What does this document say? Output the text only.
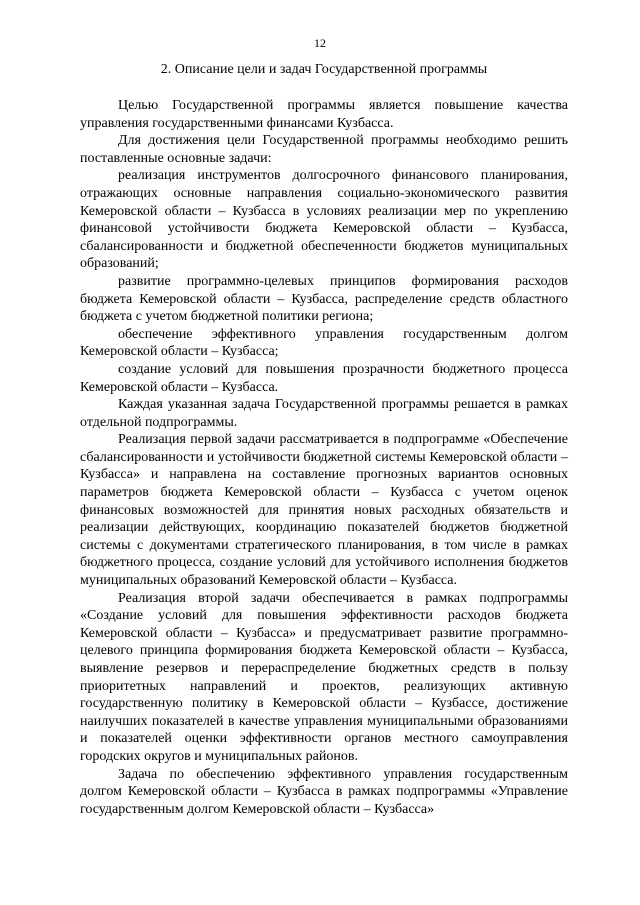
12
2. Описание цели и задач Государственной программы

Целью Государственной программы является повышение качества управления государственными финансами Кузбасса.

Для достижения цели Государственной программы необходимо решить поставленные основные задачи:

реализация инструментов долгосрочного финансового планирования, отражающих основные направления социально-экономического развития Кемеровской области – Кузбасса в условиях реализации мер по укреплению финансовой устойчивости бюджета Кемеровской области – Кузбасса, сбалансированности и бюджетной обеспеченности бюджетов муниципальных образований;

развитие программно-целевых принципов формирования расходов бюджета Кемеровской области – Кузбасса, распределение средств областного бюджета с учетом бюджетной политики региона;

обеспечение эффективного управления государственным долгом Кемеровской области – Кузбасса;

создание условий для повышения прозрачности бюджетного процесса Кемеровской области – Кузбасса.

Каждая указанная задача Государственной программы решается в рамках отдельной подпрограммы.

Реализация первой задачи рассматривается в подпрограмме «Обеспечение сбалансированности и устойчивости бюджетной системы Кемеровской области – Кузбасса» и направлена на составление прогнозных вариантов основных параметров бюджета Кемеровской области – Кузбасса с учетом оценок финансовых возможностей для принятия новых расходных обязательств и реализации действующих, координацию показателей бюджетов бюджетной системы с документами стратегического планирования, в том числе в рамках бюджетного процесса, создание условий для устойчивого исполнения бюджетов муниципальных образований Кемеровской области – Кузбасса.

Реализация второй задачи обеспечивается в рамках подпрограммы «Создание условий для повышения эффективности расходов бюджета Кемеровской области – Кузбасса» и предусматривает развитие программно-целевого принципа формирования бюджета Кемеровской области – Кузбасса, выявление резервов и перераспределение бюджетных средств в пользу приоритетных направлений и проектов, реализующих активную государственную политику в Кемеровской области – Кузбассе, достижение наилучших показателей в качестве управления муниципальными образованиями и показателей оценки эффективности органов местного самоуправления городских округов и муниципальных районов.

Задача по обеспечению эффективного управления государственным долгом Кемеровской области – Кузбасса в рамках подпрограммы «Управление государственным долгом Кемеровской области – Кузбасса»
